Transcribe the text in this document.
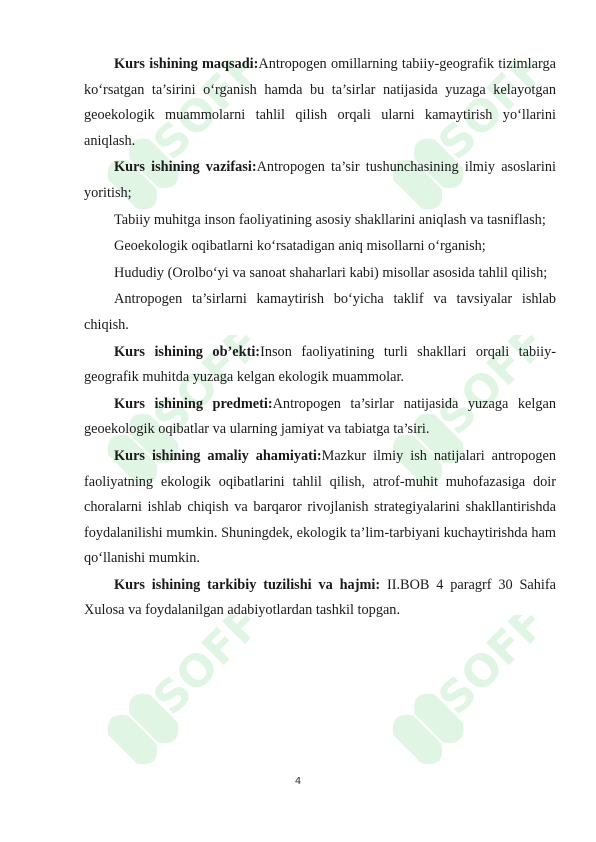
SOFF	SOFF
SOFF	SOFF
SOFF	SOFF

Kurs ishining maqsadi:Antropogen omillarning tabiiy-geografik tizimlarga ko‘rsatgan ta’sirini o‘rganish hamda bu ta’sirlar natijasida yuzaga kelayotgan geoekologik muammolarni tahlil qilish orqali ularni kamaytirish yo‘llarini aniqlash.

Kurs ishining vazifasi:Antropogen ta’sir tushunchasining ilmiy asoslarini yoritish;

Tabiiy muhitga inson faoliyatining asosiy shakllarini aniqlash va tasniflash;

Geoekologik oqibatlarni ko‘rsatadigan aniq misollarni o‘rganish;

Hududiy (Orolbo‘yi va sanoat shaharlari kabi) misollar asosida tahlil qilish;

Antropogen ta’sirlarni kamaytirish bo‘yicha taklif va tavsiyalar ishlab chiqish.

Kurs ishining ob’ekti:Inson faoliyatining turli shakllari orqali tabiiy-geografik muhitda yuzaga kelgan ekologik muammolar.

Kurs ishining predmeti:Antropogen ta’sirlar natijasida yuzaga kelgan geoekologik oqibatlar va ularning jamiyat va tabiatga ta’siri.

Kurs ishining amaliy ahamiyati:Mazkur ilmiy ish natijalari antropogen faoliyatning ekologik oqibatlarini tahlil qilish, atrof-muhit muhofazasiga doir choralarni ishlab chiqish va barqaror rivojlanish strategiyalarini shakllantirishda foydalanilishi mumkin. Shuningdek, ekologik ta’lim-tarbiyani kuchaytirishda ham qo‘llanishi mumkin.

Kurs ishining tarkibiy tuzilishi va hajmi: II.BOB 4 paragrf 30 Sahifa Xulosa va foydalanilgan adabiyotlardan tashkil topgan.

4
